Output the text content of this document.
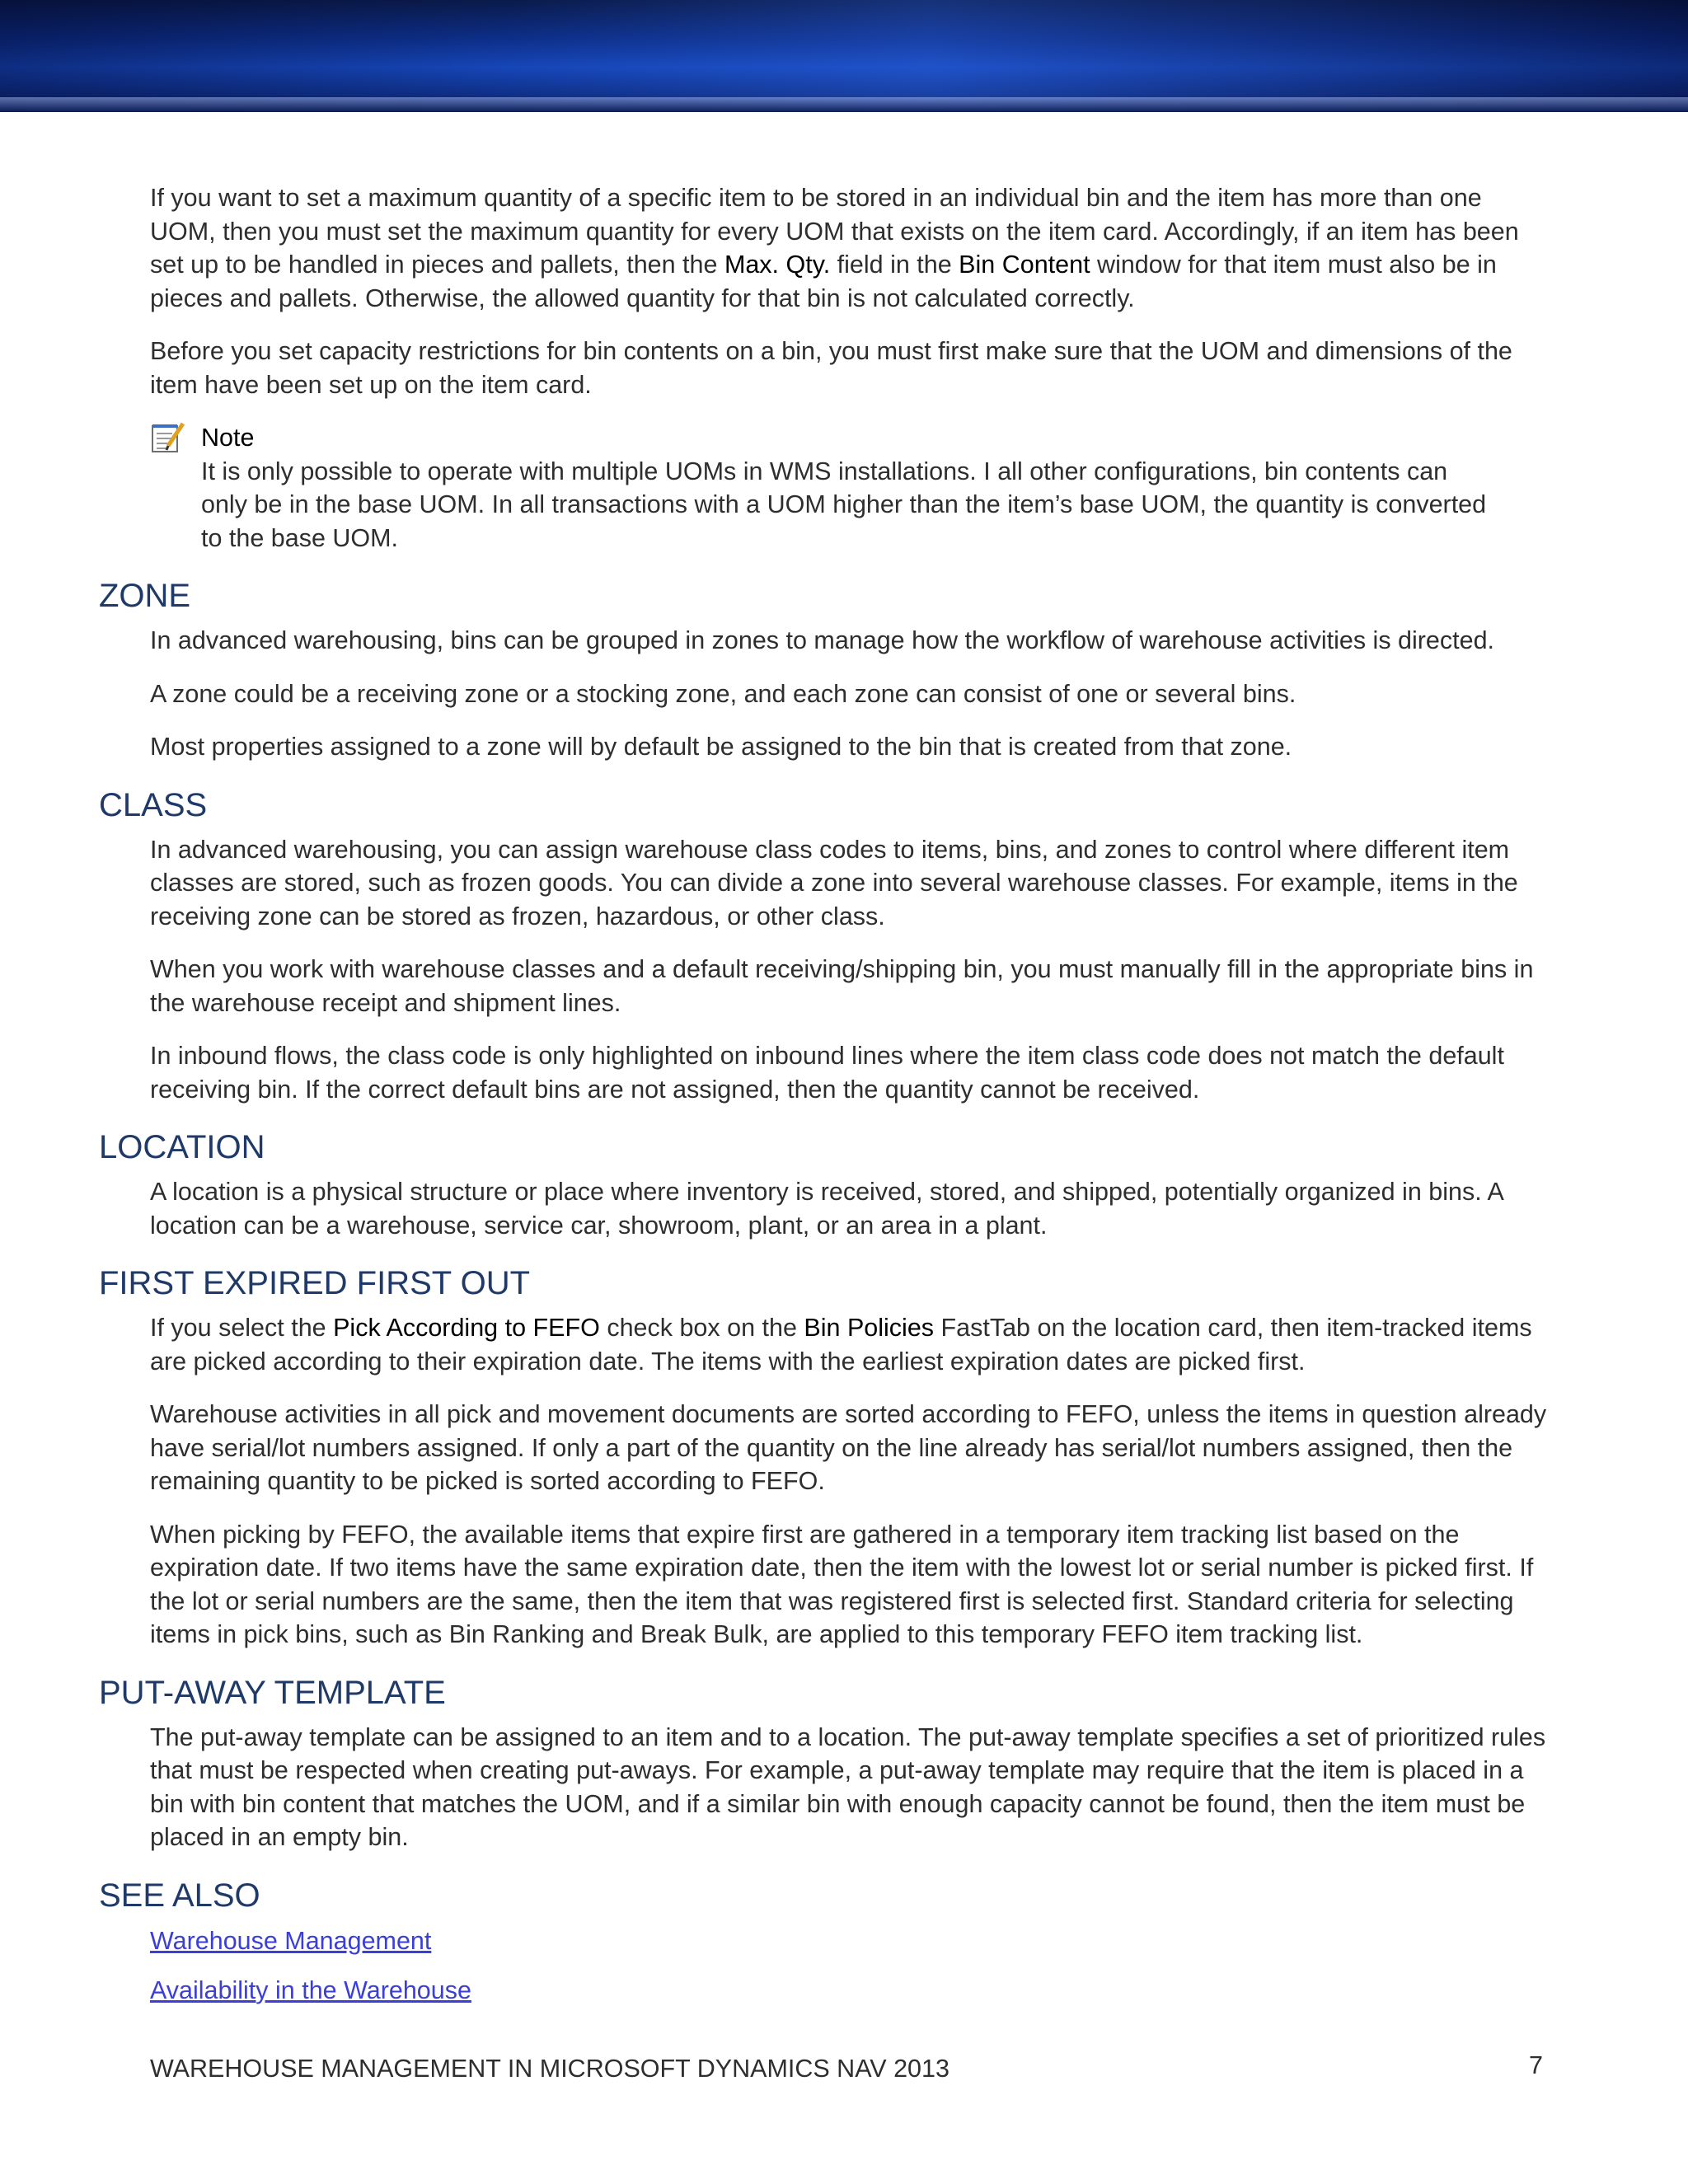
If you want to set a maximum quantity of a specific item to be stored in an individual bin and the item has more than one UOM, then you must set the maximum quantity for every UOM that exists on the item card. Accordingly, if an item has been set up to be handled in pieces and pallets, then the Max. Qty. field in the Bin Content window for that item must also be in pieces and pallets. Otherwise, the allowed quantity for that bin is not calculated correctly.

Before you set capacity restrictions for bin contents on a bin, you must first make sure that the UOM and dimensions of the item have been set up on the item card.

Note
It is only possible to operate with multiple UOMs in WMS installations. I all other configurations, bin contents can only be in the base UOM. In all transactions with a UOM higher than the item’s base UOM, the quantity is converted to the base UOM.
ZONE

In advanced warehousing, bins can be grouped in zones to manage how the workflow of warehouse activities is directed.

A zone could be a receiving zone or a stocking zone, and each zone can consist of one or several bins.

Most properties assigned to a zone will by default be assigned to the bin that is created from that zone.

CLASS

In advanced warehousing, you can assign warehouse class codes to items, bins, and zones to control where different item classes are stored, such as frozen goods. You can divide a zone into several warehouse classes. For example, items in the receiving zone can be stored as frozen, hazardous, or other class.

When you work with warehouse classes and a default receiving/shipping bin, you must manually fill in the appropriate bins in the warehouse receipt and shipment lines.

In inbound flows, the class code is only highlighted on inbound lines where the item class code does not match the default receiving bin. If the correct default bins are not assigned, then the quantity cannot be received.

LOCATION

A location is a physical structure or place where inventory is received, stored, and shipped, potentially organized in bins. A location can be a warehouse, service car, showroom, plant, or an area in a plant.

FIRST EXPIRED FIRST OUT

If you select the Pick According to FEFO check box on the Bin Policies FastTab on the location card, then item-tracked items are picked according to their expiration date. The items with the earliest expiration dates are picked first.

Warehouse activities in all pick and movement documents are sorted according to FEFO, unless the items in question already have serial/lot numbers assigned. If only a part of the quantity on the line already has serial/lot numbers assigned, then the remaining quantity to be picked is sorted according to FEFO.

When picking by FEFO, the available items that expire first are gathered in a temporary item tracking list based on the expiration date. If two items have the same expiration date, then the item with the lowest lot or serial number is picked first. If the lot or serial numbers are the same, then the item that was registered first is selected first. Standard criteria for selecting items in pick bins, such as Bin Ranking and Break Bulk, are applied to this temporary FEFO item tracking list.

PUT-AWAY TEMPLATE

The put-away template can be assigned to an item and to a location. The put-away template specifies a set of prioritized rules that must be respected when creating put-aways. For example, a put-away template may require that the item is placed in a bin with bin content that matches the UOM, and if a similar bin with enough capacity cannot be found, then the item must be placed in an empty bin.

SEE ALSO
Warehouse Management
Availability in the Warehouse
WAREHOUSE MANAGEMENT IN MICROSOFT DYNAMICS NAV 2013	7
